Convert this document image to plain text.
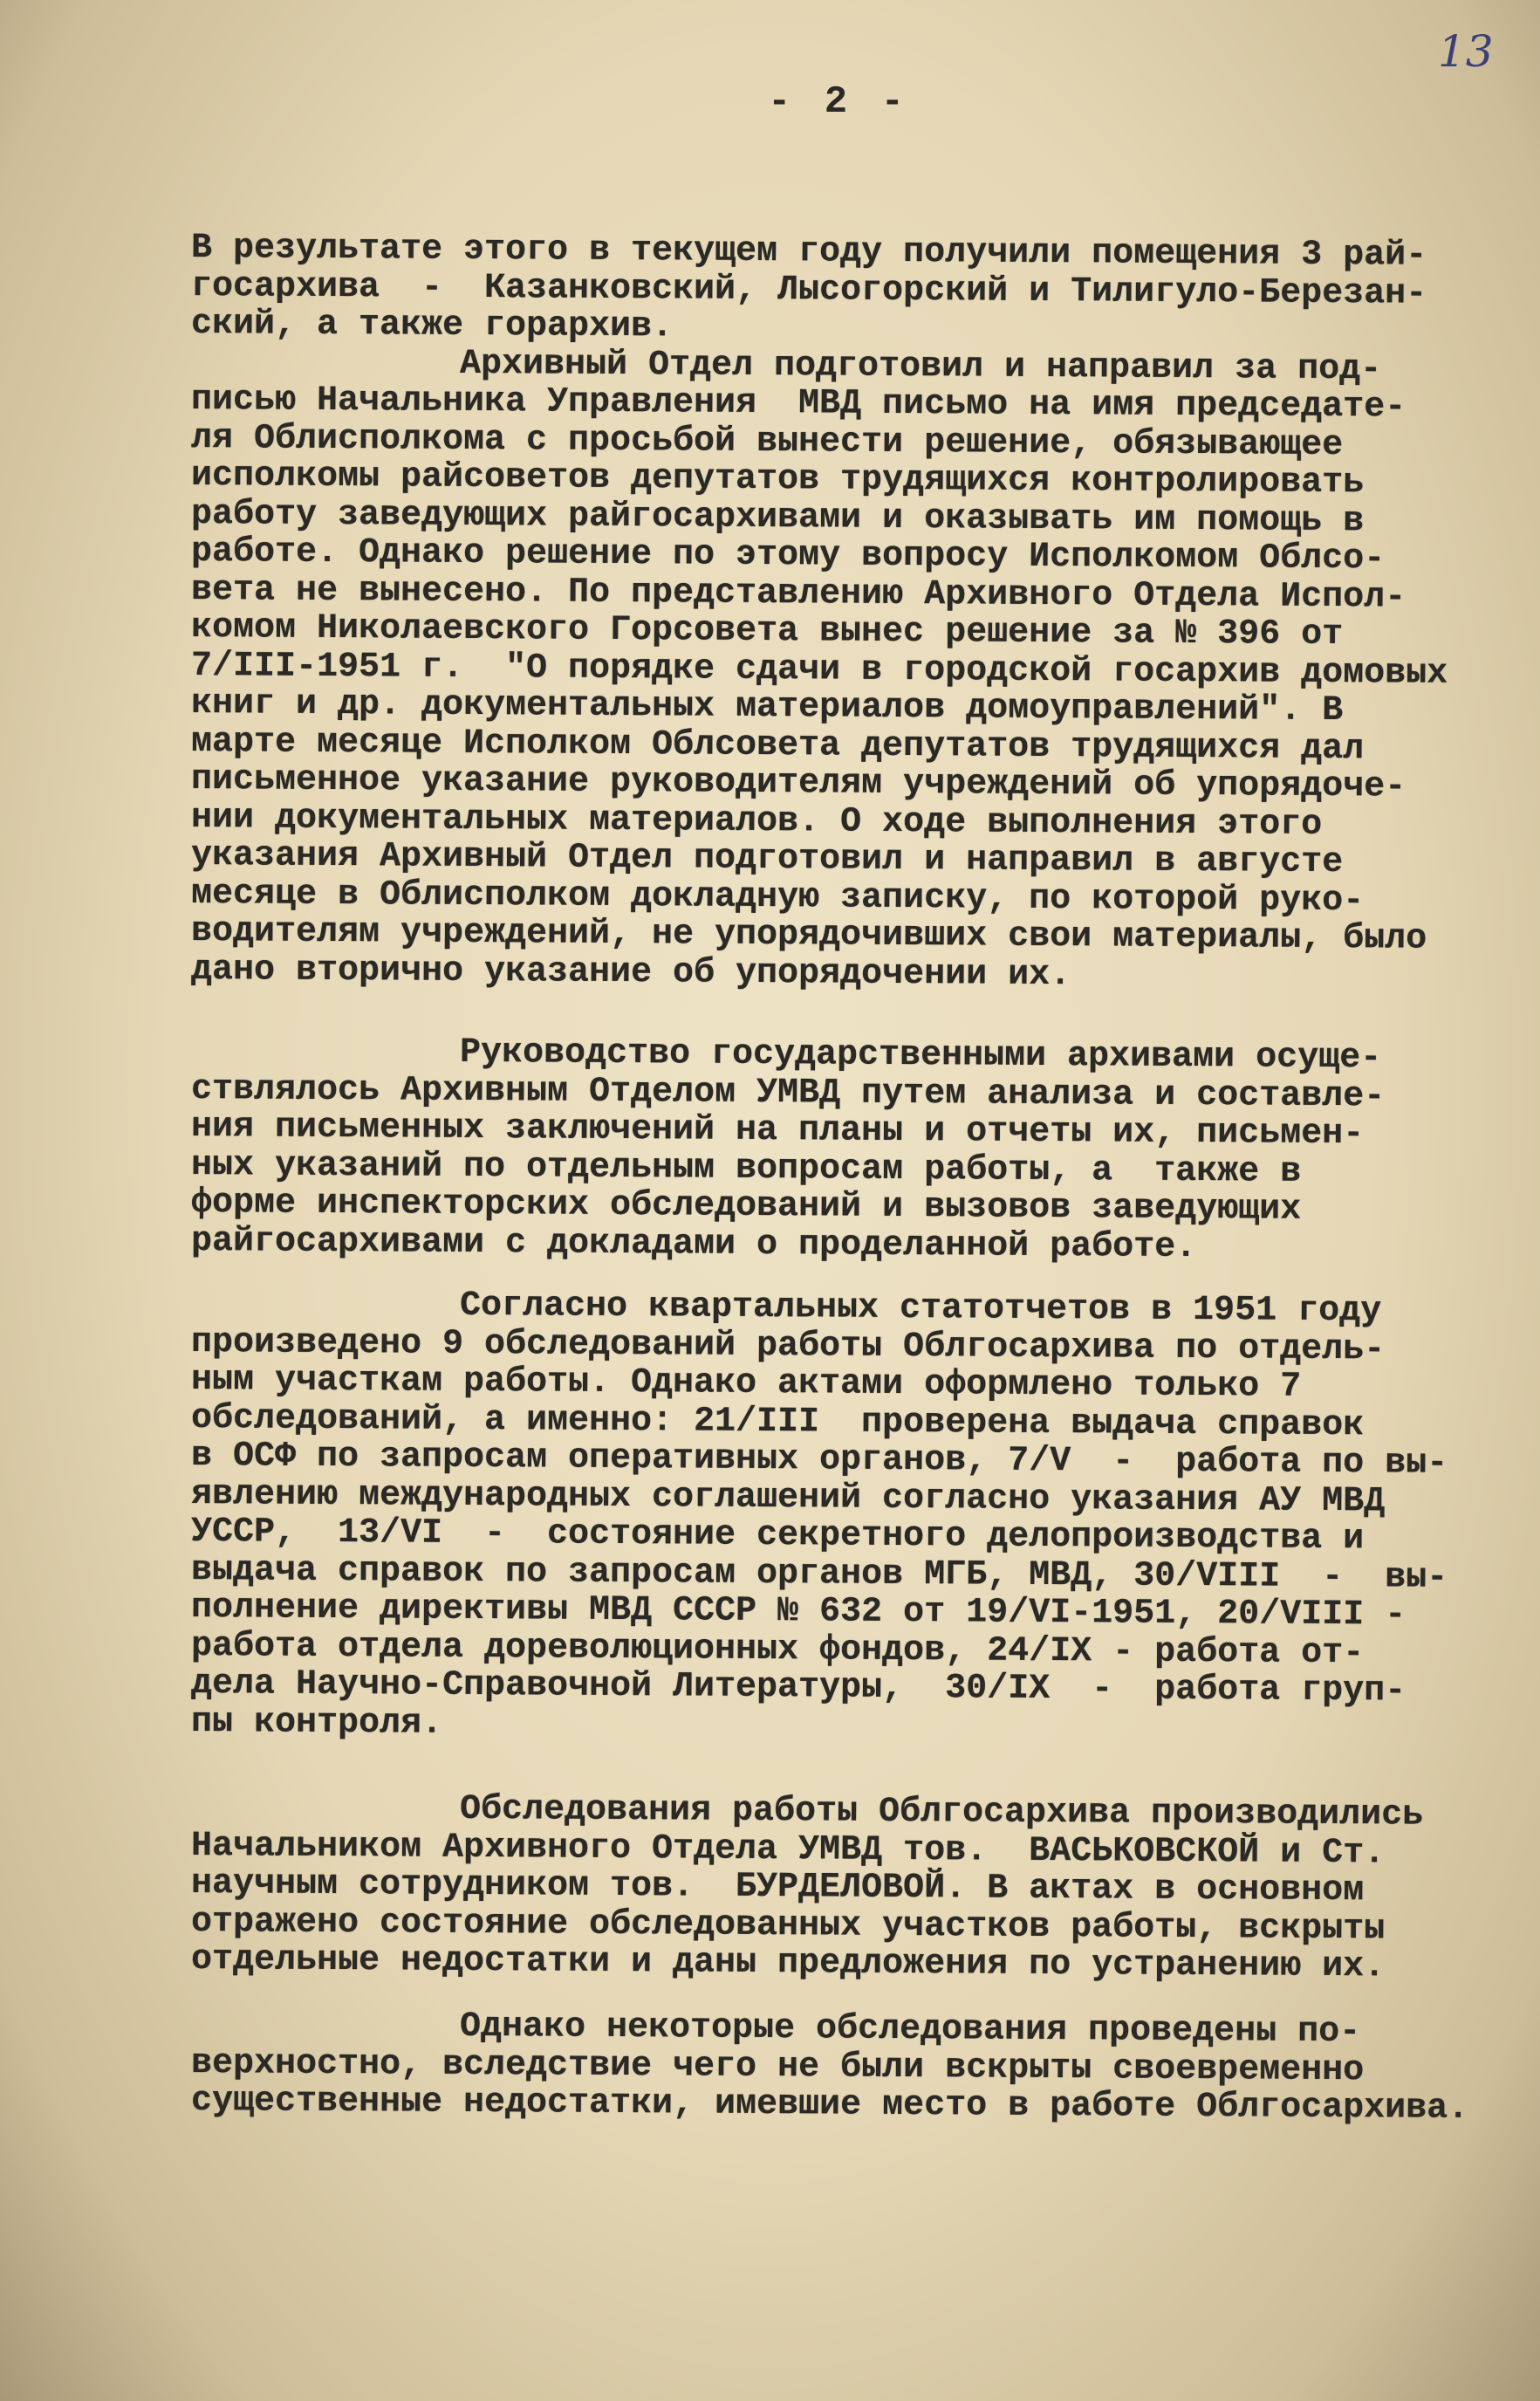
13
- 2 -
В результате этого в текущем году получили помещения 3 рай-
госархива  -  Казанковский, Лысогорский и Тилигуло-Березан-
ский, а также горархив.
Архивный Отдел подготовил и направил за под-
писью Начальника Управления  МВД письмо на имя председате-
ля Облисполкома с просьбой вынести решение, обязывающее
исполкомы райсоветов депутатов трудящихся контролировать
работу заведующих райгосархивами и оказывать им помощь в
работе. Однако решение по этому вопросу Исполкомом Облсо-
вета не вынесено. По представлению Архивного Отдела Испол-
комом Николаевского Горсовета вынес решение за № 396 от
7/III-1951 г.  "О порядке сдачи в городской госархив домовых
книг и др. документальных материалов домоуправлений". В
марте месяце Исполком Облсовета депутатов трудящихся дал
письменное указание руководителям учреждений об упорядоче-
нии документальных материалов. О ходе выполнения этого
указания Архивный Отдел подготовил и направил в августе
месяце в Облисполком докладную записку, по которой руко-
водителям учреждений, не упорядочивших свои материалы, было
дано вторично указание об упорядочении их.
Руководство государственными архивами осуще-
ствлялось Архивным Отделом УМВД путем анализа и составле-
ния письменных заключений на планы и отчеты их, письмен-
ных указаний по отдельным вопросам работы, а  также в
форме инспекторских обследований и вызовов заведующих
райгосархивами с докладами о проделанной работе.
Согласно квартальных статотчетов в 1951 году
произведено 9 обследований работы Облгосархива по отдель-
ным участкам работы. Однако актами оформлено только 7
обследований, а именно: 21/III  проверена выдача справок
в ОСФ по запросам оперативных органов, 7/V  -  работа по вы-
явлению международных соглашений согласно указания АУ МВД
УССР,  13/VI  -  состояние секретного делопроизводства и
выдача справок по запросам органов МГБ, МВД, 30/VIII  -  вы-
полнение директивы МВД СССР № 632 от 19/VI-1951, 20/VIII -
работа отдела дореволюционных фондов, 24/IX - работа от-
дела Научно-Справочной Литературы,  30/IX  -  работа груп-
пы контроля.
Обследования работы Облгосархива производились
Начальником Архивного Отдела УМВД тов.  ВАСЬКОВСКОЙ и Ст.
научным сотрудником тов.  БУРДЕЛОВОЙ. В актах в основном
отражено состояние обследованных участков работы, вскрыты
отдельные недостатки и даны предложения по устранению их.
Однако некоторые обследования проведены по-
верхностно, вследствие чего не были вскрыты своевременно
существенные недостатки, имевшие место в работе Облгосархива.
